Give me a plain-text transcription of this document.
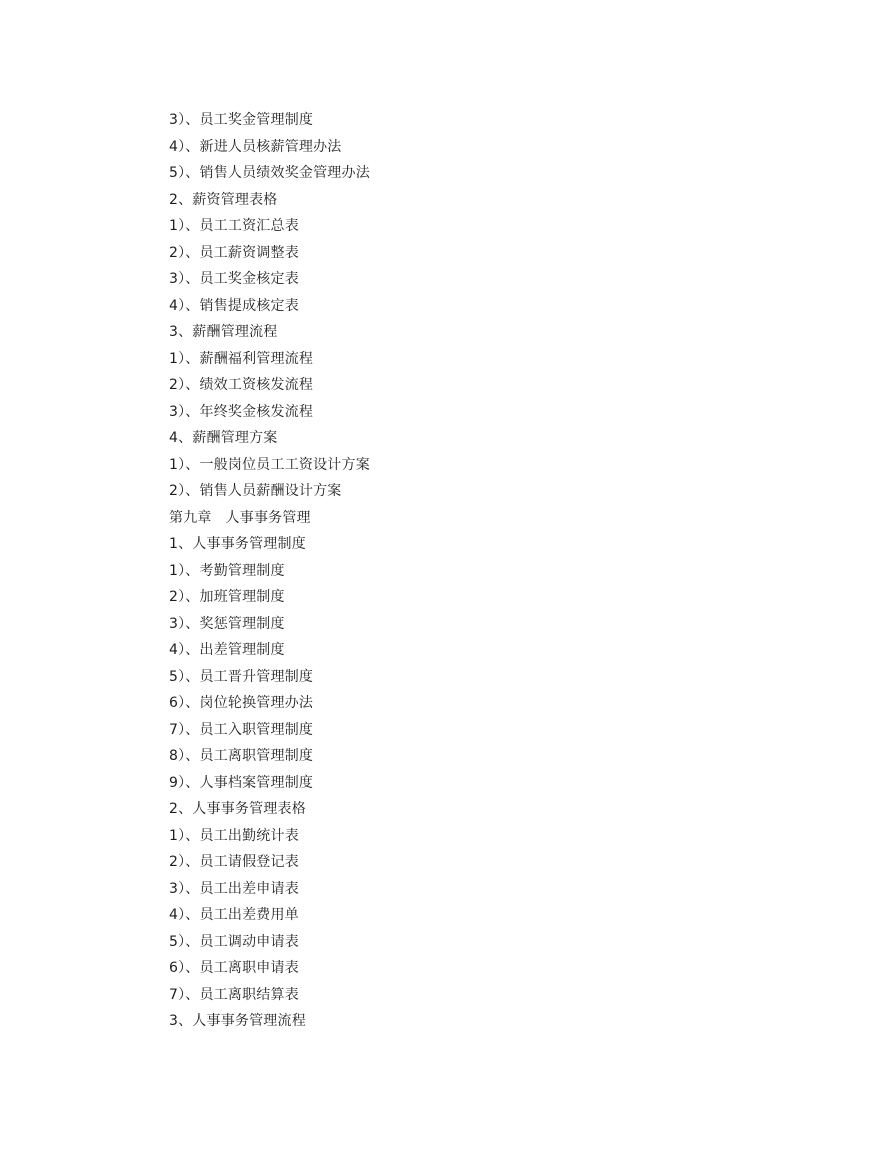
3）、员工奖金管理制度
4）、新进人员核薪管理办法
5）、销售人员绩效奖金管理办法
2、薪资管理表格
1）、员工工资汇总表
2）、员工薪资调整表
3）、员工奖金核定表
4）、销售提成核定表
3、薪酬管理流程
1）、薪酬福利管理流程
2）、绩效工资核发流程
3）、年终奖金核发流程
4、薪酬管理方案
1）、一般岗位员工工资设计方案
2）、销售人员薪酬设计方案
第九章   人事事务管理
1、人事事务管理制度
1）、考勤管理制度
2）、加班管理制度
3）、奖惩管理制度
4）、出差管理制度
5）、员工晋升管理制度
6）、岗位轮换管理办法
7）、员工入职管理制度
8）、员工离职管理制度
9）、人事档案管理制度
2、人事事务管理表格
1）、员工出勤统计表
2）、员工请假登记表
3）、员工出差申请表
4）、员工出差费用单
5）、员工调动申请表
6）、员工离职申请表
7）、员工离职结算表
3、人事事务管理流程
